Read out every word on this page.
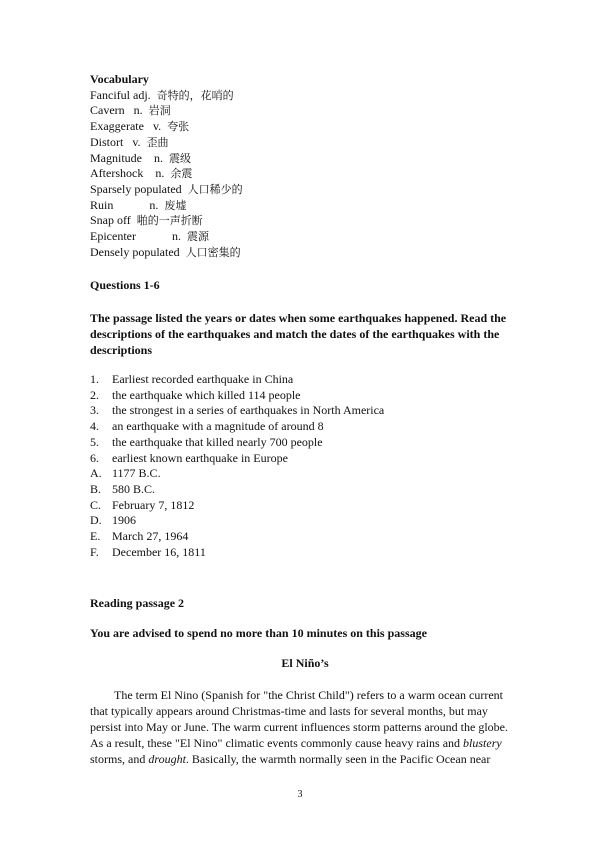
Vocabulary
Fanciful adj. 奇特的，花哨的
Cavern   n. 岩洞
Exaggerate   v. 夸张
Distort   v. 歪曲
Magnitude    n. 震级
Aftershock    n. 余震
Sparsely populated 人口稀少的
Ruin            n. 废墟
Snap off 啪的一声折断
Epicenter            n. 震源
Densely populated 人口密集的
Questions 1-6
The passage listed the years or dates when some earthquakes happened. Read the descriptions of the earthquakes and match the dates of the earthquakes with the descriptions
1.	Earliest recorded earthquake in China
2.	the earthquake which killed 114 people
3.	the strongest in a series of earthquakes in North America
4.	an earthquake with a magnitude of around 8
5.	the earthquake that killed nearly 700 people
6.	earliest known earthquake in Europe
A. 1177 B.C.
B. 580 B.C.
C. February 7, 1812
D. 1906
E. March 27, 1964
F.	December 16, 1811
Reading passage 2
You are advised to spend no more than 10 minutes on this passage
El Niño’s

The term El Nino (Spanish for "the Christ Child") refers to a warm ocean current that typically appears around Christmas-time and lasts for several months, but may persist into May or June. The warm current influences storm patterns around the globe. As a result, these "El Nino" climatic events commonly cause heavy rains and blustery storms, and drought. Basically, the warmth normally seen in the Pacific Ocean near

3
